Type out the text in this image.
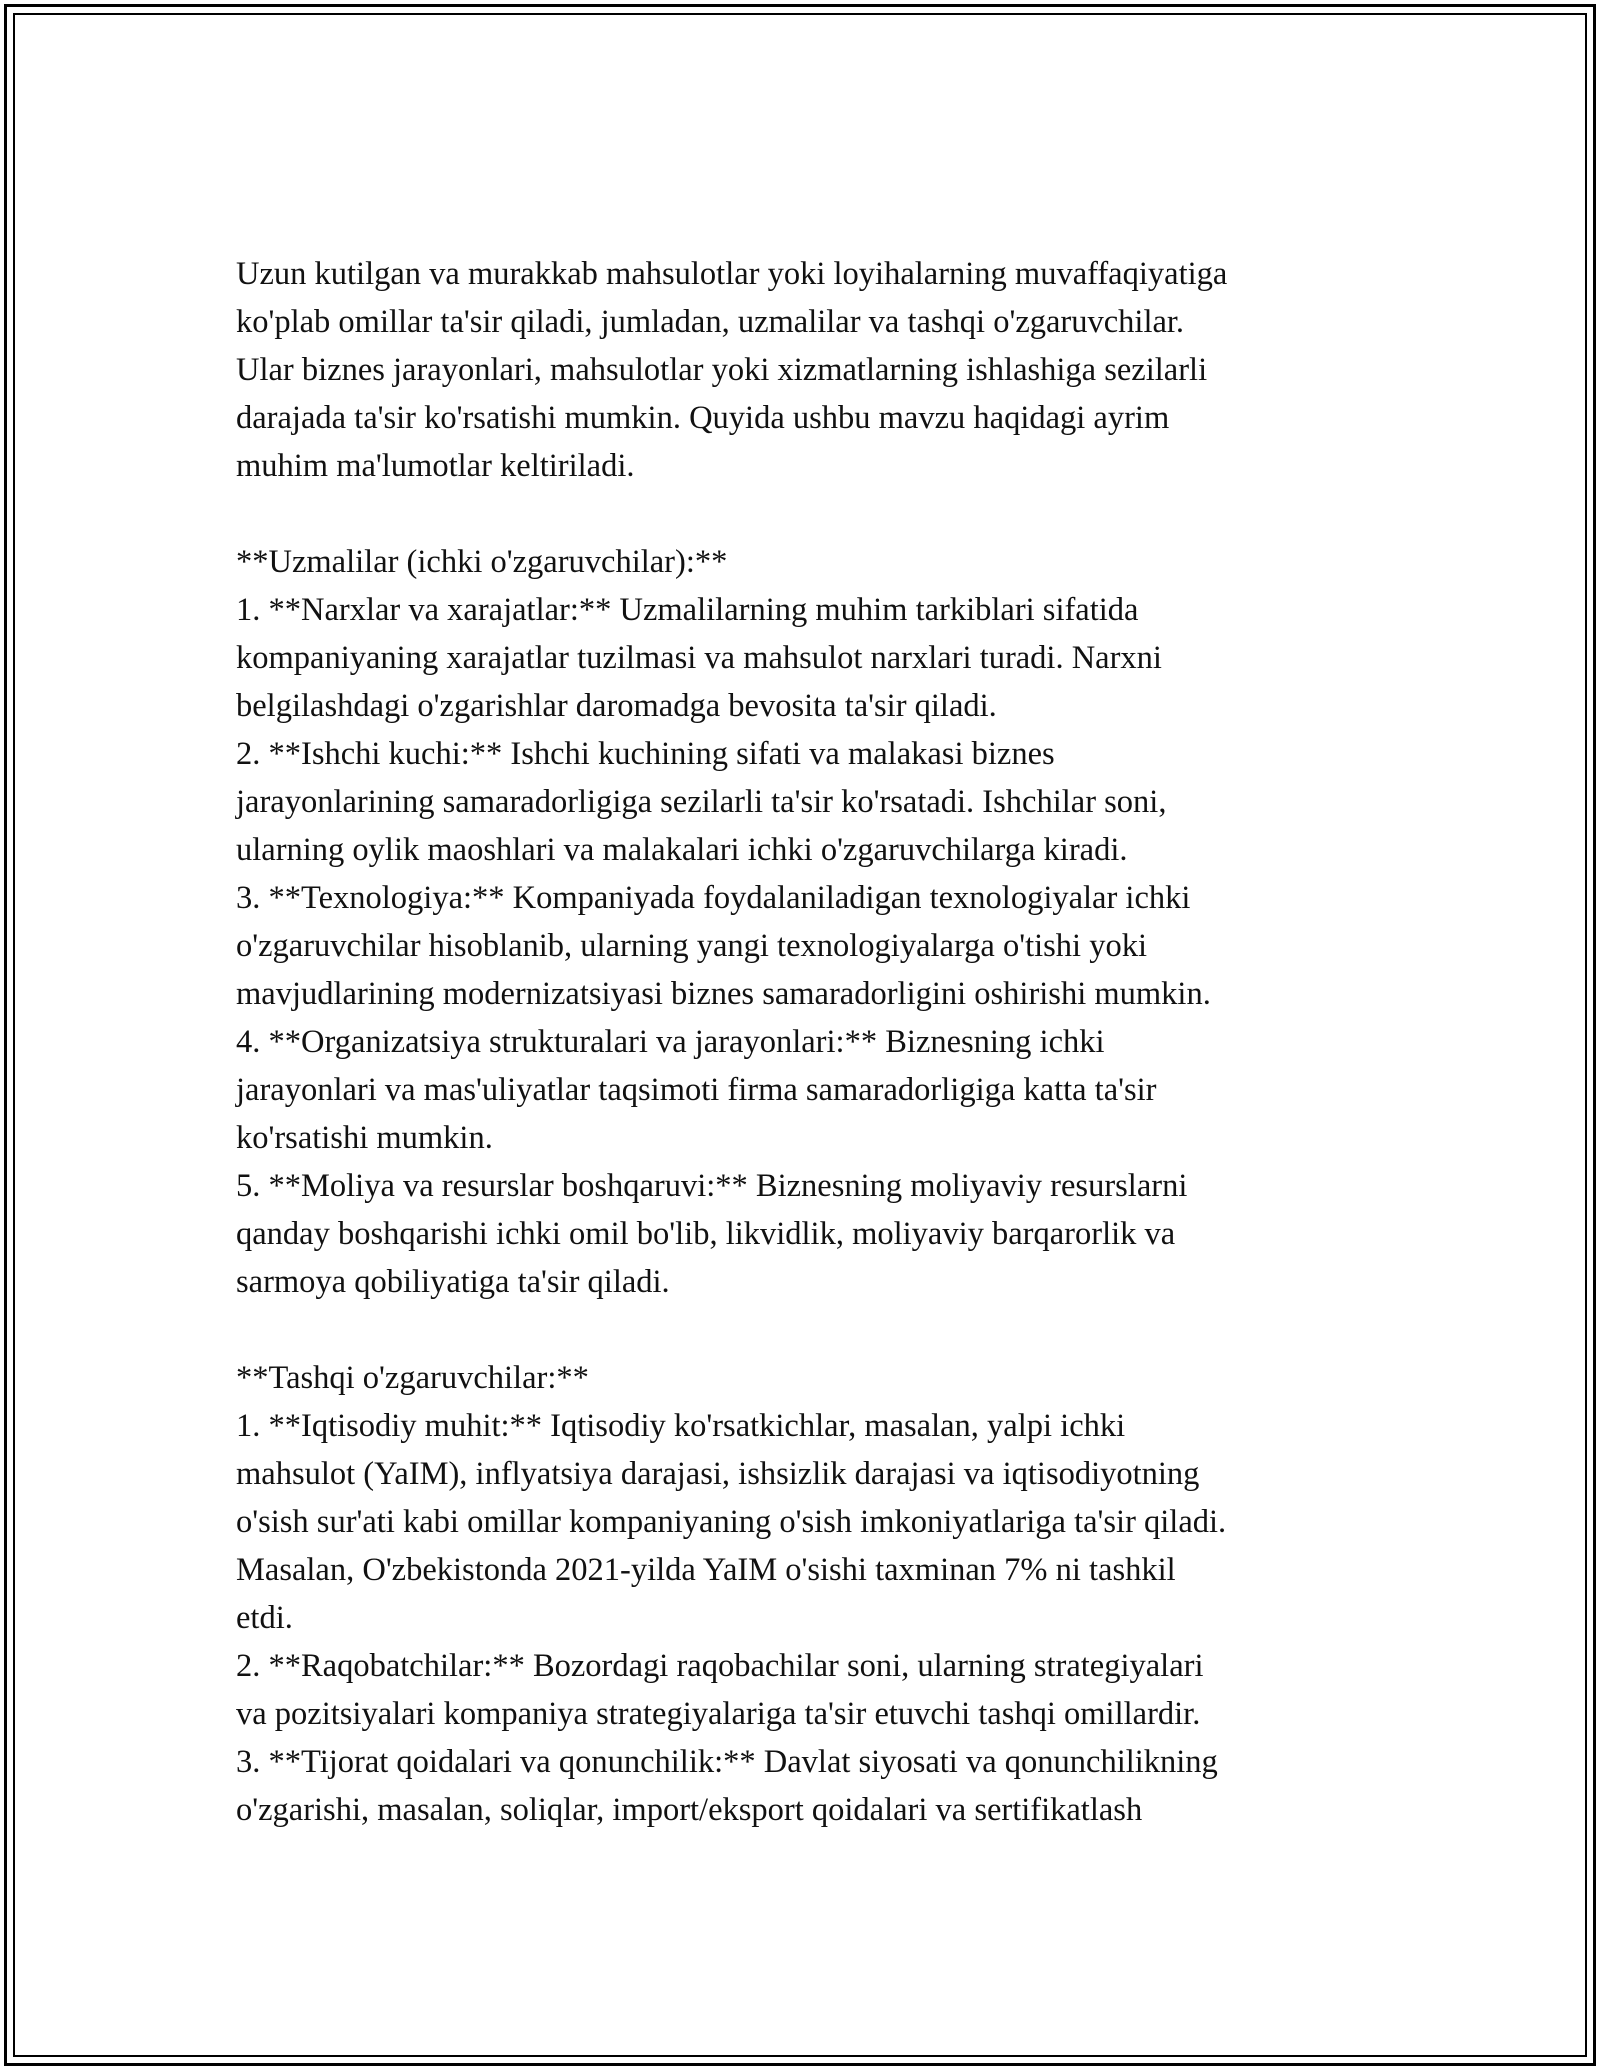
Uzun kutilgan va murakkab mahsulotlar yoki loyihalarning muvaffaqiyatiga
ko'plab omillar ta'sir qiladi, jumladan, uzmalilar va tashqi o'zgaruvchilar.
Ular biznes jarayonlari, mahsulotlar yoki xizmatlarning ishlashiga sezilarli
darajada ta'sir ko'rsatishi mumkin. Quyida ushbu mavzu haqidagi ayrim
muhim ma'lumotlar keltiriladi.
**Uzmalilar (ichki o'zgaruvchilar):**
1. **Narxlar va xarajatlar:** Uzmalilarning muhim tarkiblari sifatida
kompaniyaning xarajatlar tuzilmasi va mahsulot narxlari turadi. Narxni
belgilashdagi o'zgarishlar daromadga bevosita ta'sir qiladi.
2. **Ishchi kuchi:** Ishchi kuchining sifati va malakasi biznes
jarayonlarining samaradorligiga sezilarli ta'sir ko'rsatadi. Ishchilar soni,
ularning oylik maoshlari va malakalari ichki o'zgaruvchilarga kiradi.
3. **Texnologiya:** Kompaniyada foydalaniladigan texnologiyalar ichki
o'zgaruvchilar hisoblanib, ularning yangi texnologiyalarga o'tishi yoki
mavjudlarining modernizatsiyasi biznes samaradorligini oshirishi mumkin.
4. **Organizatsiya strukturalari va jarayonlari:** Biznesning ichki
jarayonlari va mas'uliyatlar taqsimoti firma samaradorligiga katta ta'sir
ko'rsatishi mumkin.
5. **Moliya va resurslar boshqaruvi:** Biznesning moliyaviy resurslarni
qanday boshqarishi ichki omil bo'lib, likvidlik, moliyaviy barqarorlik va
sarmoya qobiliyatiga ta'sir qiladi.
**Tashqi o'zgaruvchilar:**
1. **Iqtisodiy muhit:** Iqtisodiy ko'rsatkichlar, masalan, yalpi ichki
mahsulot (YaIM), inflyatsiya darajasi, ishsizlik darajasi va iqtisodiyotning
o'sish sur'ati kabi omillar kompaniyaning o'sish imkoniyatlariga ta'sir qiladi.
Masalan, O'zbekistonda 2021-yilda YaIM o'sishi taxminan 7% ni tashkil
etdi.
2. **Raqobatchilar:** Bozordagi raqobachilar soni, ularning strategiyalari
va pozitsiyalari kompaniya strategiyalariga ta'sir etuvchi tashqi omillardir.
3. **Tijorat qoidalari va qonunchilik:** Davlat siyosati va qonunchilikning
o'zgarishi, masalan, soliqlar, import/eksport qoidalari va sertifikatlash
